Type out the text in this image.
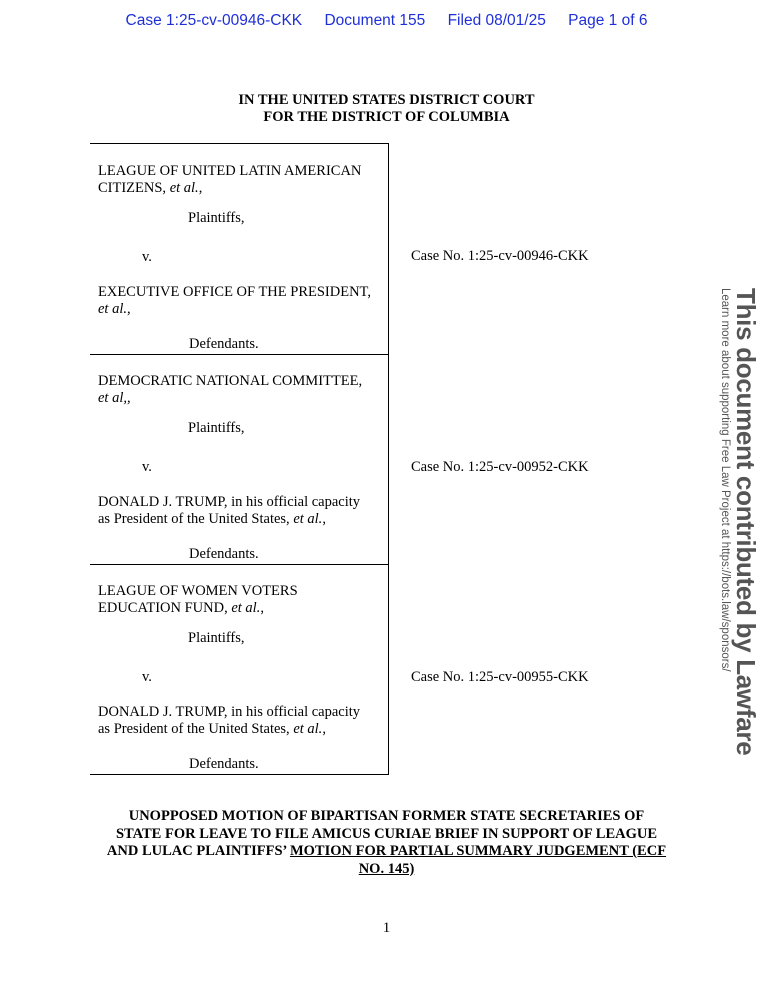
Case 1:25-cv-00946-CKK Document 155 Filed 08/01/25 Page 1 of 6
IN THE UNITED STATES DISTRICT COURT
FOR THE DISTRICT OF COLUMBIA
LEAGUE OF UNITED LATIN AMERICAN
CITIZENS, et al.,
Plaintiffs,
v.
EXECUTIVE OFFICE OF THE PRESIDENT,
et al.,
Defendants.
DEMOCRATIC NATIONAL COMMITTEE,
et al,,
Plaintiffs,
v.
DONALD J. TRUMP, in his official capacity
as President of the United States, et al.,
Defendants.
LEAGUE OF WOMEN VOTERS
EDUCATION FUND, et al.,
Plaintiffs,
v.
DONALD J. TRUMP, in his official capacity
as President of the United States, et al.,
Defendants.
Case No. 1:25-cv-00946-CKK
Case No. 1:25-cv-00952-CKK
Case No. 1:25-cv-00955-CKK
UNOPPOSED MOTION OF BIPARTISAN FORMER STATE SECRETARIES OF
STATE FOR LEAVE TO FILE AMICUS CURIAE BRIEF IN SUPPORT OF LEAGUE
AND LULAC PLAINTIFFS’ MOTION FOR PARTIAL SUMMARY JUDGEMENT (ECF
NO. 145)
1
This document contributed by Lawfare
Learn more about supporting Free Law Project at https://bots.law/sponsors/
